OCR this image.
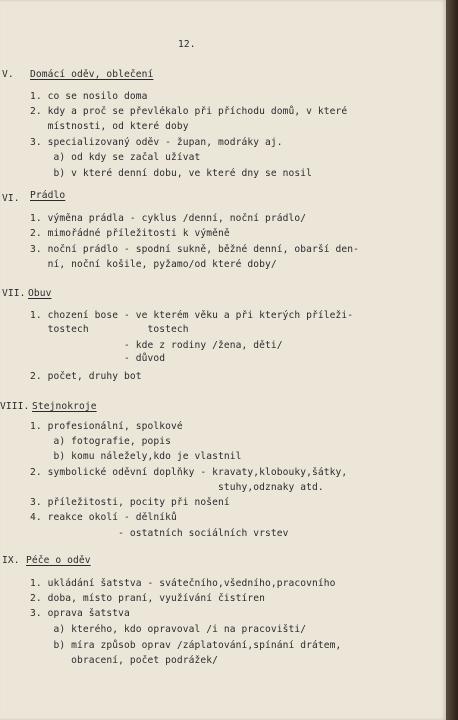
12.
V. Domácí oděv, oblečení
1. co se nosilo doma
2. kdy a proč se převlékalo při příchodu domů, v které
místnosti, od které doby
3. specializovaný oděv - župan, modráky aj.
a) od kdy se začal užívat
b) v které denní dobu, ve které dny se nosil
VI. Prádlo
1. výměna prádla - cyklus /denní, noční prádlo/
2. mimořádné příležitosti k výměně
3. noční prádlo - spodní sukně, běžné denní, obarší den-
ní, noční košile, pyžamo/od které doby/
VII. Obuv
1. chození bose - ve kterém věku a při kterých příleži-
tostech          tostech
- kde z rodiny /žena, děti/
- důvod
2. počet, druhy bot
VIII. Stejnokroje
1. profesionální, spolkové
a) fotografie, popis
b) komu náležely,kdo je vlastnil
2. symbolické oděvní doplňky - kravaty,klobouky,šátky,
stuhy,odznaky atd.
3. příležitosti, pocity při nošení
4. reakce okolí - dělníků
- ostatních sociálních vrstev
IX. Péče o oděv
1. ukládání šatstva - svátečního,všedního,pracovního
2. doba, místo praní, využívání čistíren
3. oprava šatstva
a) kterého, kdo opravoval /i na pracovišti/
b) míra způsob oprav /záplatování,spínání drátem,
obracení, počet podrážek/
